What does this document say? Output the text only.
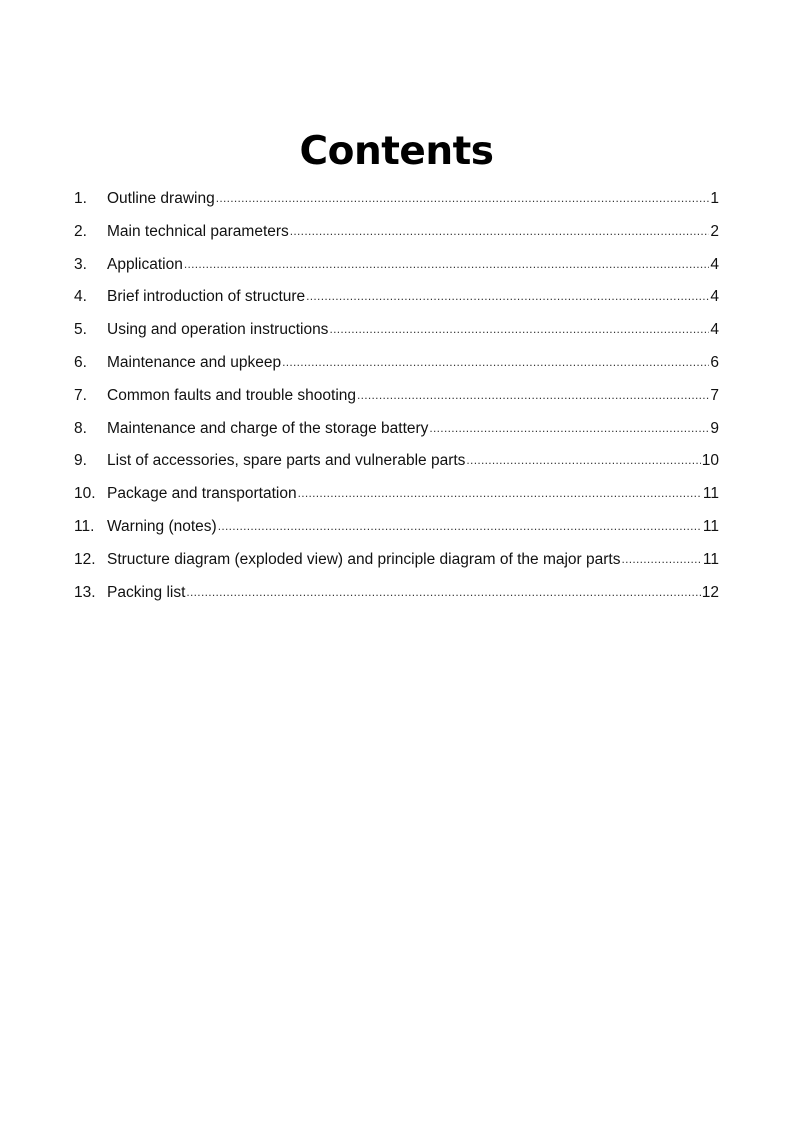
Contents
1.	Outline drawing .....	1
2.	Main technical parameters .....	2
3.	Application .....	4
4.	Brief introduction of structure .....	4
5.	Using and operation instructions .....	4
6.	Maintenance and upkeep .....	6
7.	Common faults and trouble shooting .....	7
8.	Maintenance and charge of the storage battery .....	9
9.	List of accessories, spare parts and vulnerable parts .....	10
10. Package and transportation .....	11
11. Warning (notes) .....	11
12. Structure diagram (exploded view) and principle diagram of the major parts .....	11
13. Packing list .....	12
